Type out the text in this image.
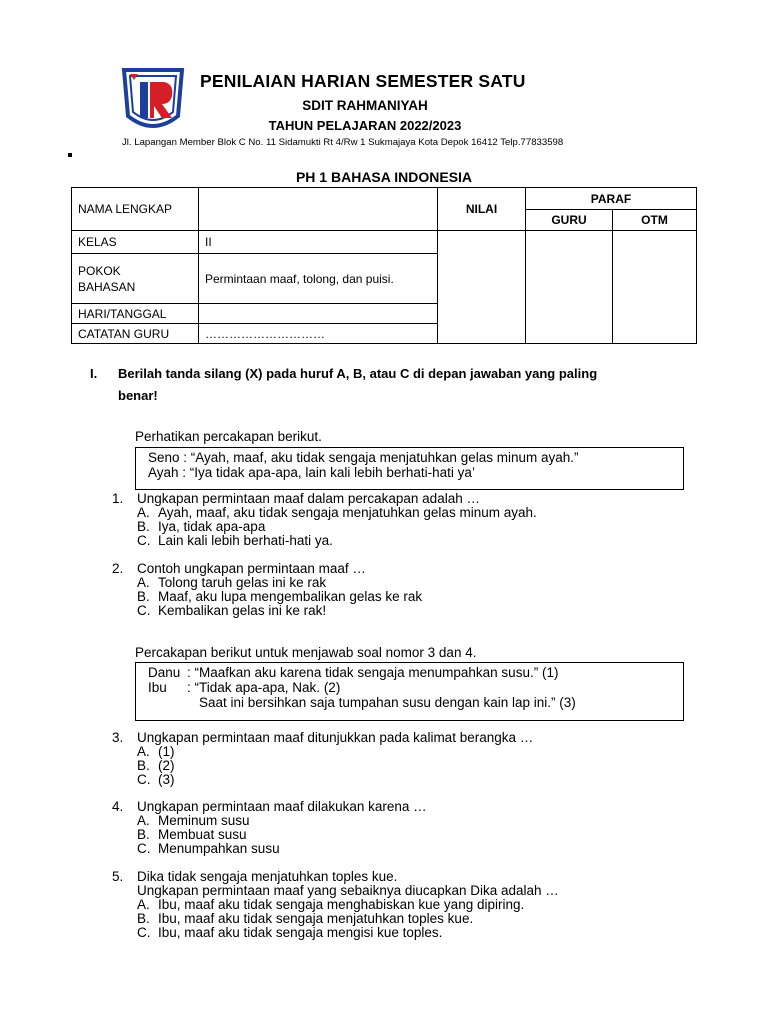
PENILAIAN HARIAN SEMESTER SATU
SDIT RAHMANIYAH
TAHUN PELAJARAN 2022/2023
Jl. Lapangan Member Blok C No. 11 Sidamukti Rt 4/Rw 1 Sukmajaya Kota Depok 16412 Telp.77833598
PH 1 BAHASA INDONESIA
NAMA LENGKAP		NILAI	PARAF	
			GURU	OTM
KELAS	II			
POKOK
BAHASAN	Permintaan maaf, tolong, dan puisi.			
HARI/TANGGAL				
CATATAN GURU	…………………………			
I. Berilah tanda silang (X) pada huruf A, B, atau C di depan jawaban yang paling
benar!
Perhatikan percakapan berikut.
Seno : “Ayah, maaf, aku tidak sengaja menjatuhkan gelas minum ayah.”
Ayah : “Iya tidak apa-apa, lain kali lebih berhati-hati ya’
1. Ungkapan permintaan maaf dalam percakapan adalah …
A. Ayah, maaf, aku tidak sengaja menjatuhkan gelas minum ayah.
B. Iya, tidak apa-apa
C. Lain kali lebih berhati-hati ya.
2. Contoh ungkapan permintaan maaf …
A. Tolong taruh gelas ini ke rak
B. Maaf, aku lupa mengembalikan gelas ke rak
C. Kembalikan gelas ini ke rak!
Percakapan berikut untuk menjawab soal nomor 3 dan 4.
Danu : “Maafkan aku karena tidak sengaja menumpahkan susu.” (1)
Ibu : “Tidak apa-apa, Nak. (2)
Saat ini bersihkan saja tumpahan susu dengan kain lap ini.” (3)
3. Ungkapan permintaan maaf ditunjukkan pada kalimat berangka …
A. (1)
B. (2)
C. (3)
4. Ungkapan permintaan maaf dilakukan karena …
A. Meminum susu
B. Membuat susu
C. Menumpahkan susu
5. Dika tidak sengaja menjatuhkan toples kue.
Ungkapan permintaan maaf yang sebaiknya diucapkan Dika adalah …
A. Ibu, maaf aku tidak sengaja menghabiskan kue yang dipiring.
B. Ibu, maaf aku tidak sengaja menjatuhkan toples kue.
C. Ibu, maaf aku tidak sengaja mengisi kue toples.
